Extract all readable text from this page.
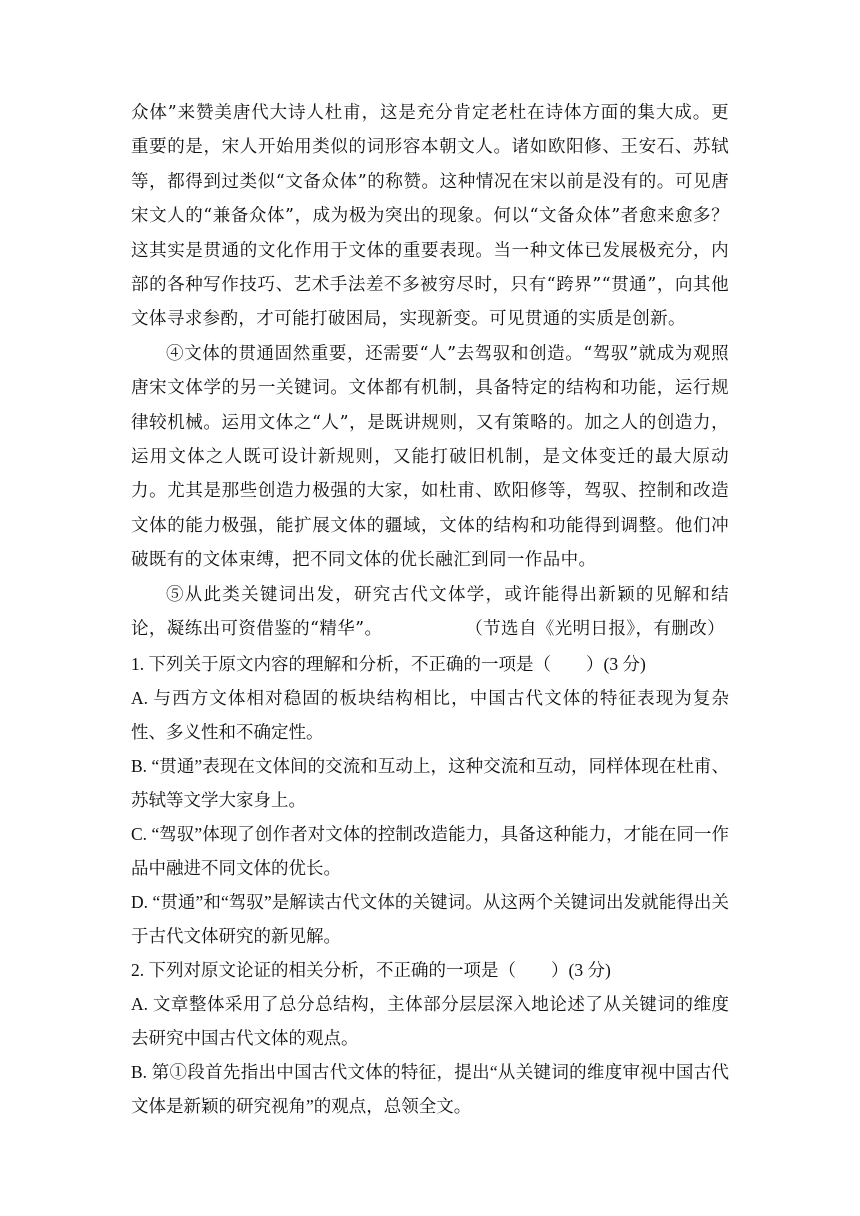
众体”来赞美唐代大诗人杜甫，这是充分肯定老杜在诗体方面的集大成。更重要的是，宋人开始用类似的词形容本朝文人。诸如欧阳修、王安石、苏轼等，都得到过类似“文备众体”的称赞。这种情况在宋以前是没有的。可见唐宋文人的“兼备众体”，成为极为突出的现象。何以“文备众体”者愈来愈多？这其实是贯通的文化作用于文体的重要表现。当一种文体已发展极充分，内部的各种写作技巧、艺术手法差不多被穷尽时，只有“跨界”“贯通”，向其他文体寻求参酌，才可能打破困局，实现新变。可见贯通的实质是创新。

④文体的贯通固然重要，还需要“人”去驾驭和创造。“驾驭”就成为观照唐宋文体学的另一关键词。文体都有机制，具备特定的结构和功能，运行规律较机械。运用文体之“人”，是既讲规则，又有策略的。加之人的创造力，运用文体之人既可设计新规则，又能打破旧机制，是文体变迁的最大原动力。尤其是那些创造力极强的大家，如杜甫、欧阳修等，驾驭、控制和改造文体的能力极强，能扩展文体的疆域，文体的结构和功能得到调整。他们冲破既有的文体束缚，把不同文体的优长融汇到同一作品中。

⑤从此类关键词出发，研究古代文体学，或许能得出新颖的见解和结论，凝练出可资借鉴的“精华”。	（节选自《光明日报》，有删改）

1. 下列关于原文内容的理解和分析，不正确的一项是（　　）(3 分)

A. 与西方文体相对稳固的板块结构相比，中国古代文体的特征表现为复杂性、多义性和不确定性。

B. “贯通”表现在文体间的交流和互动上，这种交流和互动，同样体现在杜甫、苏轼等文学大家身上。

C. “驾驭”体现了创作者对文体的控制改造能力，具备这种能力，才能在同一作品中融进不同文体的优长。

D. “贯通”和“驾驭”是解读古代文体的关键词。从这两个关键词出发就能得出关于古代文体研究的新见解。

2. 下列对原文论证的相关分析，不正确的一项是（　　）(3 分)

A. 文章整体采用了总分总结构，主体部分层层深入地论述了从关键词的维度去研究中国古代文体的观点。

B. 第①段首先指出中国古代文体的特征，提出“从关键词的维度审视中国古代文体是新颖的研究视角”的观点，总领全文。
